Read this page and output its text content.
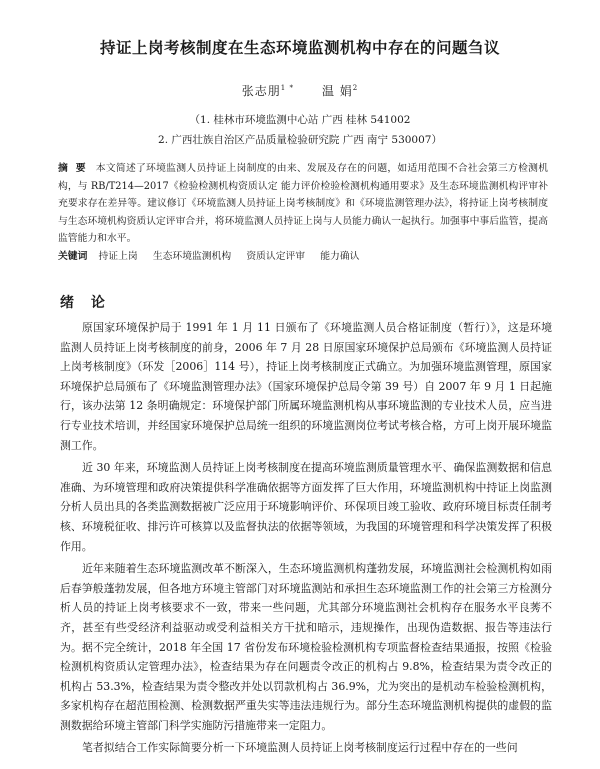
持证上岗考核制度在生态环境监测机构中存在的问题刍议
张志朋$^{1 *}$ 温 娟$^2$
（1. 桂林市环境监测中心站 广西 桂林 541002
2. 广西壮族自治区产品质量检验研究院 广西 南宁 530007）
摘 要 本文简述了环境监测人员持证上岗制度的由来、发展及存在的问题，如适用范围不合社会第三方检测机构，与 RB/T214—2017《检验检测机构资质认定 能力评价检验检测机构通用要求》及生态环境监测机构评审补充要求存在差异等。建议修订《环境监测人员持证上岗考核制度》和《环境监测管理办法》，将持证上岗考核制度与生态环境机构资质认定评审合并，将环境监测人员持证上岗与人员能力确认一起执行。加强事中事后监管，提高监管能力和水平。
关键词 持证上岗 生态环境监测机构 资质认定评审 能力确认
绪 论

原国家环境保护局于 1991 年 1 月 11 日颁布了《环境监测人员合格证制度（暂行）》，这是环境监测人员持证上岗考核制度的前身，2006 年 7 月 28 日原国家环境保护总局颁布《环境监测人员持证上岗考核制度》（环发［2006］114 号），持证上岗考核制度正式确立。为加强环境监测管理，原国家环境保护总局颁布了《环境监测管理办法》（国家环境保护总局令第 39 号）自 2007 年 9 月 1 日起施行，该办法第 12 条明确规定：环境保护部门所属环境监测机构从事环境监测的专业技术人员，应当进行专业技术培训，并经国家环境保护总局统一组织的环境监测岗位考试考核合格，方可上岗开展环境监测工作。

近 30 年来，环境监测人员持证上岗考核制度在提高环境监测质量管理水平、确保监测数据和信息准确、为环境管理和政府决策提供科学准确依据等方面发挥了巨大作用，环境监测机构中持证上岗监测分析人员出具的各类监测数据被广泛应用于环境影响评价、环保项目竣工验收、政府环境目标责任制考核、环境税征收、排污许可核算以及监督执法的依据等领域，为我国的环境管理和科学决策发挥了积极作用。

近年来随着生态环境监测改革不断深入，生态环境监测机构蓬勃发展，环境监测社会检测机构如雨后春笋般蓬勃发展，但各地方环境主管部门对环境监测站和承担生态环境监测工作的社会第三方检测分析人员的持证上岗考核要求不一致，带来一些问题，尤其部分环境监测社会机构存在服务水平良莠不齐，甚至有些受经济利益驱动或受利益相关方干扰和暗示，违规操作，出现伪造数据、报告等违法行为。据不完全统计，2018 年全国 17 省份发布环境检验检测机构专项监督检查结果通报，按照《检验检测机构资质认定管理办法》，检查结果为存在问题责令改正的机构占 9.8%，检查结果为责令改正的机构占 53.3%，检查结果为责令整改并处以罚款机构占 36.9%，尤为突出的是机动车检验检测机构，多家机构存在超范围检测、检测数据严重失实等违法违规行为。部分生态环境监测机构提供的虚假的监测数据给环境主管部门科学实施防污措施带来一定阻力。

笔者拟结合工作实际简要分析一下环境监测人员持证上岗考核制度运行过程中存在的一些问
